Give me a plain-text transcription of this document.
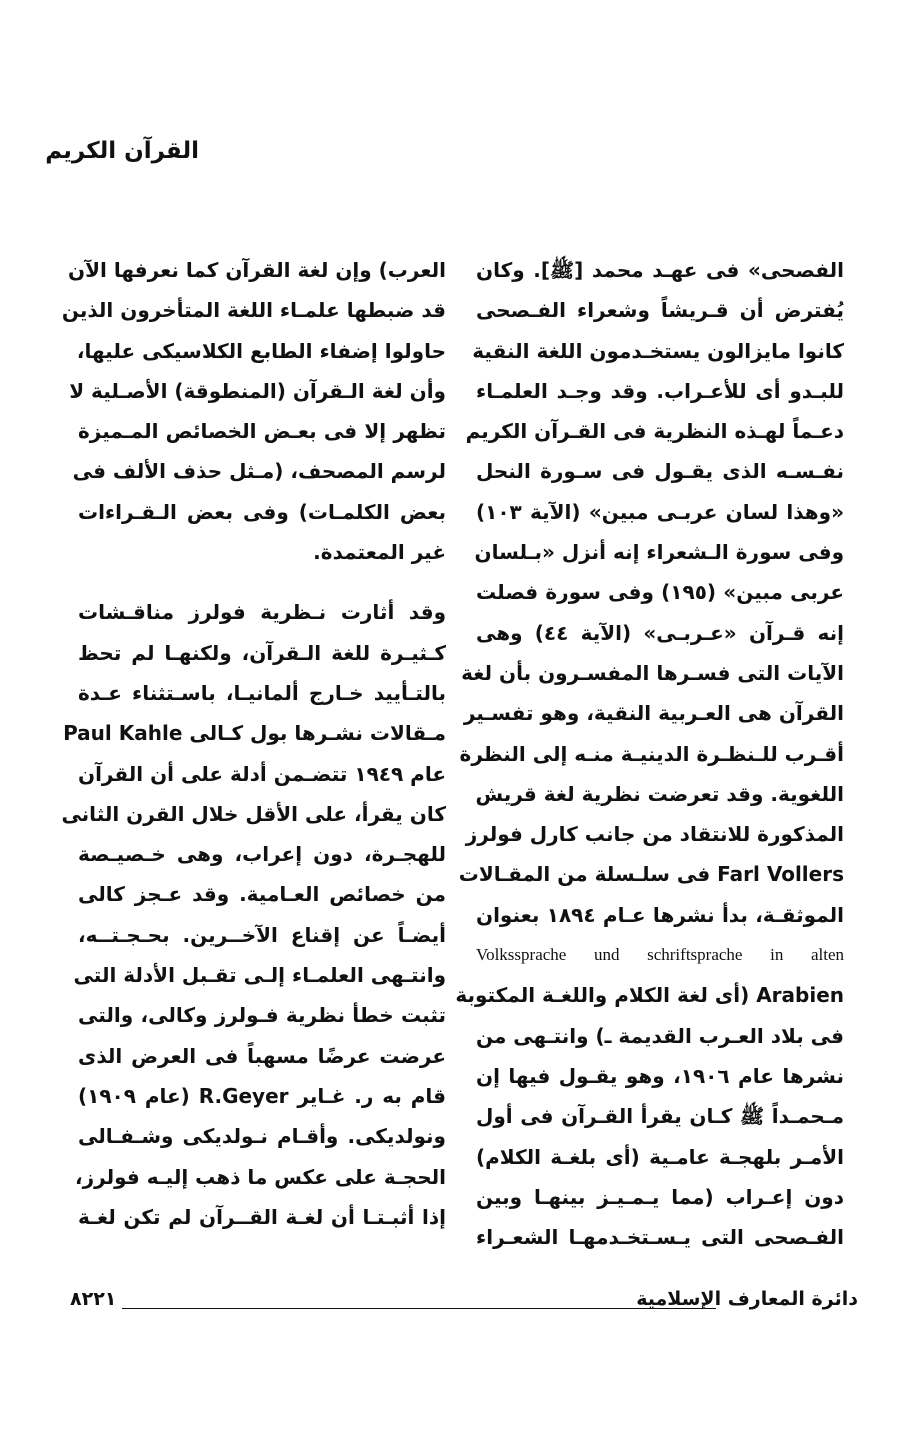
القرآن الكريم
الفصحى» فى عهـد محمد [ﷺ]. وكان
يُفترض أن قـريشاً وشعراء الفـصحى
كانوا مايزالون يستخـدمون اللغة النقية
للبـدو أى للأعـراب. وقد وجـد العلمـاء
دعـماً لهـذه النظرية فى القـرآن الكريم
نفـسـه الذى يقـول فى سـورة النحل
«وهذا لسان عربـى مبين» (الآية ١٠٣)
وفى سورة الـشعراء إنه أنزل «بـلسان
عربى مبين» (١٩٥) وفى سورة فصلت
إنه قـرآن «عـربـى» (الآية ٤٤) وهى
الآيات التى فسـرها المفسـرون بأن لغة
القرآن هى العـربية النقية، وهو تفسـير
أقـرب للـنظـرة الدينيـة منـه إلى النظرة
اللغوية. وقد تعرضت نظرية لغة قريش
المذكورة للانتقاد من جانب كارل فولرز
Farl Vollers فى سلـسلة من المقـالات
الموثقـة، بدأ نشرها عـام ١٨٩٤ بعنوان
Volkssprache und schriftsprache in alten
Arabien (أى لغة الكلام واللغـة المكتوبة
فى بلاد العـرب القديمة ـ) وانتـهى من
نشرها عام ١٩٠٦، وهو يقـول فيها إن
مـحمـداً ﷺ كـان يقرأ القـرآن فى أول
الأمـر بلهجـة عامـية (أى بلغـة الكلام)
دون إعـراب (مما يـمـيـز بينهـا وبين
الفـصحى التى يـسـتخـدمهـا الشعـراء
العرب) وإن لغة القرآن كما نعرفها الآن
قد ضبطها علمـاء اللغة المتأخرون الذين
حاولوا إضفاء الطابع الكلاسيكى عليها،
وأن لغة الـقرآن (المنطوقة) الأصـلية لا
تظهر إلا فى بعـض الخصائص المـميزة
لرسم المصحف، (مـثل حذف الألف فى
بعض الكلمـات) وفى بعض الـقـراءات
غير المعتمدة.
وقد أثارت نـظرية فولرز مناقـشات
كـثيـرة للغة الـقرآن، ولكنهـا لم تحظ
بالتـأييد خـارج ألمانيـا، باسـتثناء عـدة
مـقالات نشـرها بول كـالى Paul Kahle
عام ١٩٤٩ تتضـمن أدلة على أن القرآن
كان يقرأ، على الأقل خلال القرن الثانى
للهجـرة، دون إعراب، وهى خـصيـصة
من خصائص العـامية. وقد عـجز كالى
أيضـاً عن إقناع الآخــرين. بحـجـتــه،
وانتـهى العلمـاء إلـى تقـبل الأدلة التى
تثبت خطأ نظرية فـولرز وكالى، والتى
عرضت عرضًا مسهباً فى العرض الذى
قام به ر. غـاير R.Geyer (عام ١٩٠٩)
ونولديكى. وأقـام نـولديكى وشـفـالى
الحجـة على عكس ما ذهب إليـه فولرز،
إذا أثبـتـا أن لغـة القــرآن لم تكن لغـة
دائرة المعارف الإسلامية
٨٢٢١
